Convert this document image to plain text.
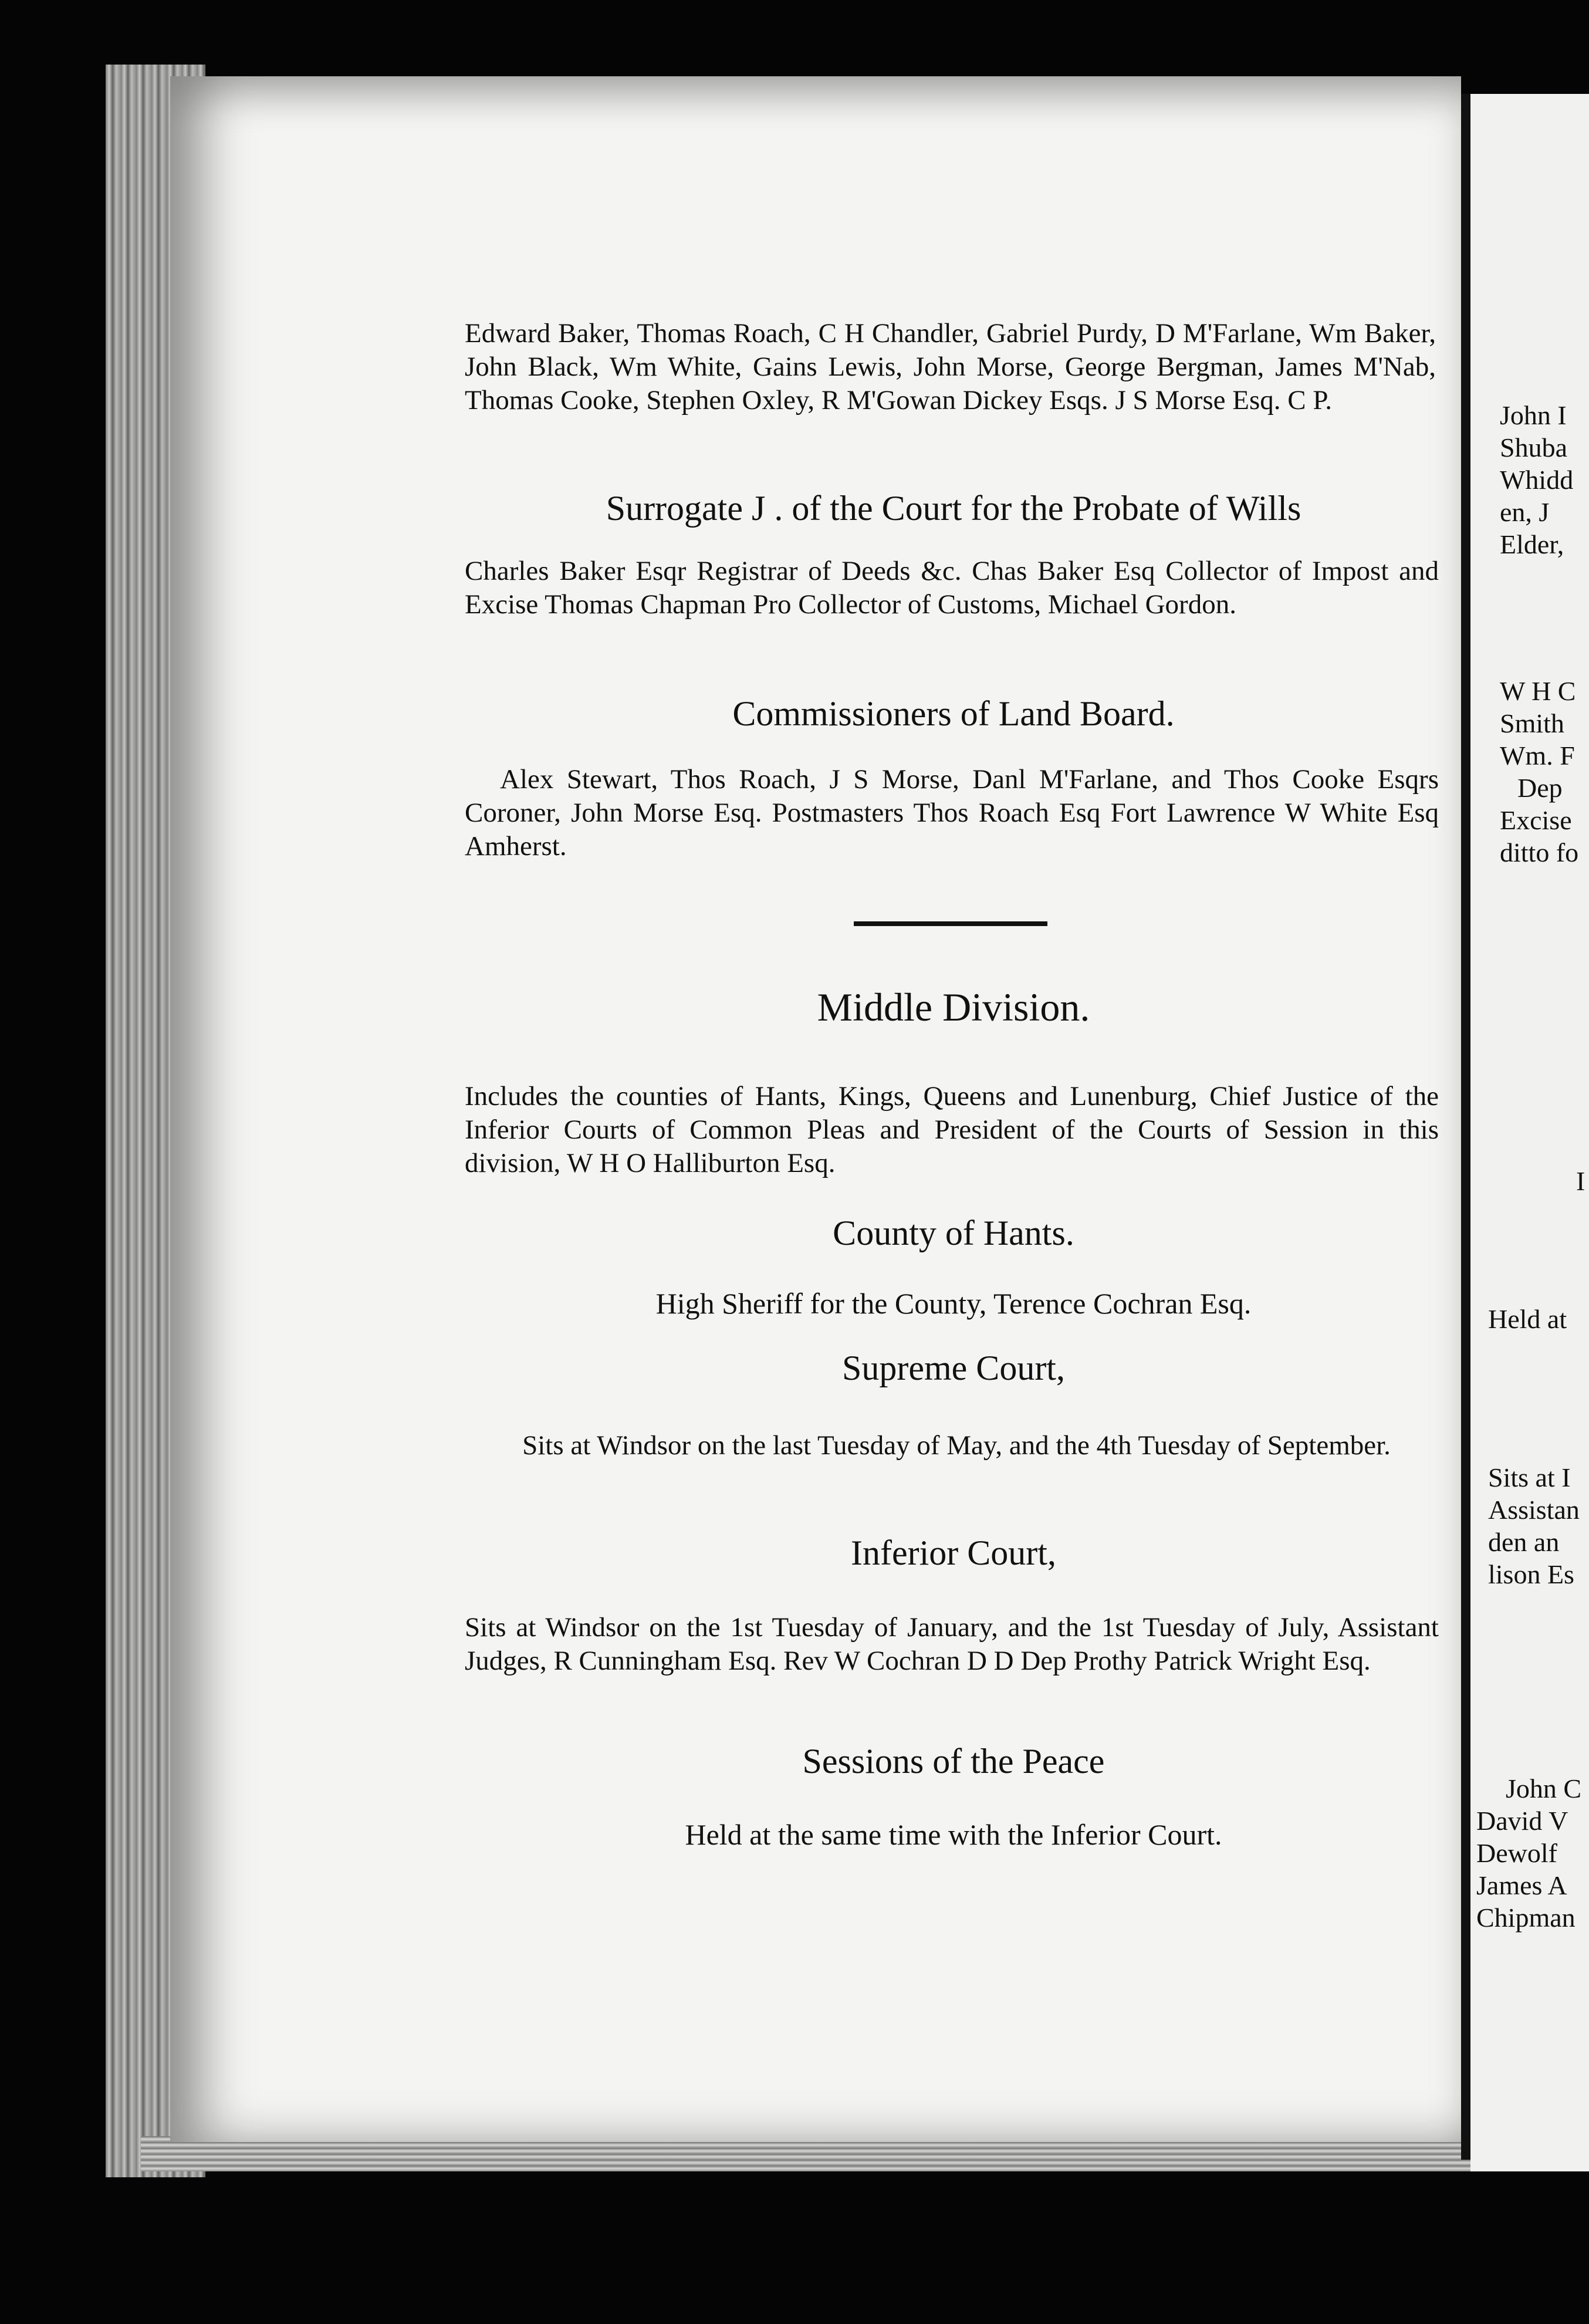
John I
Shuba
Whidd
en, J
Elder,
W H C
Smith
Wm. F
Dep
Excise
ditto fo
I
Held at
Sits at I
Assistan
den an
lison Es
John C
David V
Dewolf
James A
Chipman

Edward Baker, Thomas Roach, C H Chandler, Gabriel Purdy, D M'Farlane, Wm Baker, John Black, Wm White, Gains Lewis, John Morse, George Bergman, James M'Nab, Thomas Cooke, Stephen Oxley, R M'Gowan Dickey Esqs. J S Morse Esq. C P.

Surrogate J . of the Court for the Probate of Wills

Charles Baker Esqr Registrar of Deeds &c. Chas Baker Esq Collector of Impost and Excise Thomas Chapman Pro Collector of Customs, Michael Gordon.

Commissioners of Land Board.

Alex Stewart, Thos Roach, J S Morse, Danl M'Farlane, and Thos Cooke Esqrs Coroner, John Morse Esq. Postmasters Thos Roach Esq Fort Lawrence W White Esq Amherst.

Middle Division.

Includes the counties of Hants, Kings, Queens and Lunenburg, Chief Justice of the Inferior Courts of Common Pleas and President of the Courts of Session in this division, W H O Halliburton Esq.

County of Hants.

High Sheriff for the County, Terence Cochran Esq.

Supreme Court,

Sits at Windsor on the last Tuesday of May, and the 4th Tuesday of September.

Inferior Court,

Sits at Windsor on the 1st Tuesday of January, and the 1st Tuesday of July, Assistant Judges, R Cunningham Esq. Rev W Cochran D D Dep Prothy Patrick Wright Esq.

Sessions of the Peace

Held at the same time with the Inferior Court.
